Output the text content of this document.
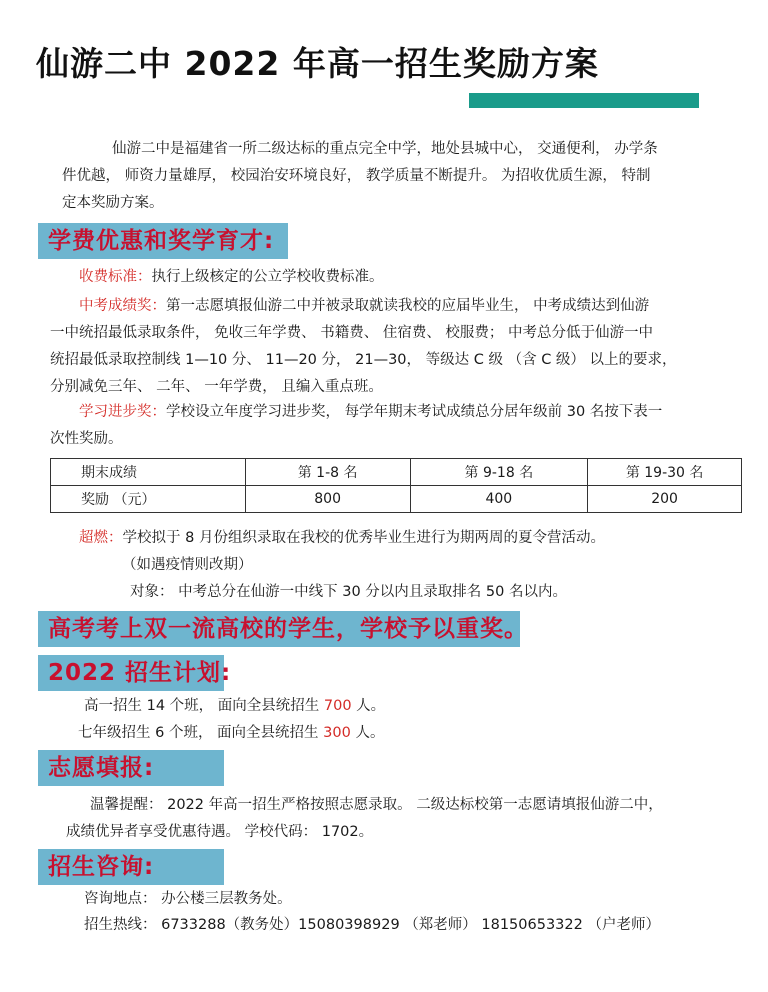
仙游二中 2022 年高一招生奖励方案
仙游二中是福建省一所二级达标的重点完全中学，地处县城中心， 交通便利， 办学条
件优越， 师资力量雄厚， 校园治安环境良好， 教学质量不断提升。 为招收优质生源， 特制
定本奖励方案。
学费优惠和奖学育才:
收费标准：执行上级核定的公立学校收费标准。
中考成绩奖：第一志愿填报仙游二中并被录取就读我校的应届毕业生， 中考成绩达到仙游
一中统招最低录取条件， 免收三年学费、 书籍费、 住宿费、 校服费； 中考总分低于仙游一中
统招最低录取控制线 1—10 分、 11—20 分， 21—30， 等级达 C 级 （含 C 级） 以上的要求，
分别减免三年、 二年、 一年学费， 且编入重点班。
学习进步奖：学校设立年度学习进步奖， 每学年期末考试成绩总分居年级前 30 名按下表一
次性奖励。
期末成绩	第 1-8 名	第 9-18 名	第 19-30 名
奖励 （元）	800	400	200
超燃：学校拟于 8 月份组织录取在我校的优秀毕业生进行为期两周的夏令营活动。
（如遇疫情则改期）
对象： 中考总分在仙游一中线下 30 分以内且录取排名 50 名以内。
高考考上双一流高校的学生，学校予以重奖。
2022 招生计划:
高一招生 14 个班， 面向全县统招生 700 人。
七年级招生 6 个班， 面向全县统招生 300 人。
志愿填报:
温馨提醒： 2022 年高一招生严格按照志愿录取。 二级达标校第一志愿请填报仙游二中，
成绩优异者享受优惠待遇。 学校代码： 1702。
招生咨询:
咨询地点： 办公楼三层教务处。
招生热线： 6733288（教务处）15080398929 （郑老师） 18150653322 （户老师）
